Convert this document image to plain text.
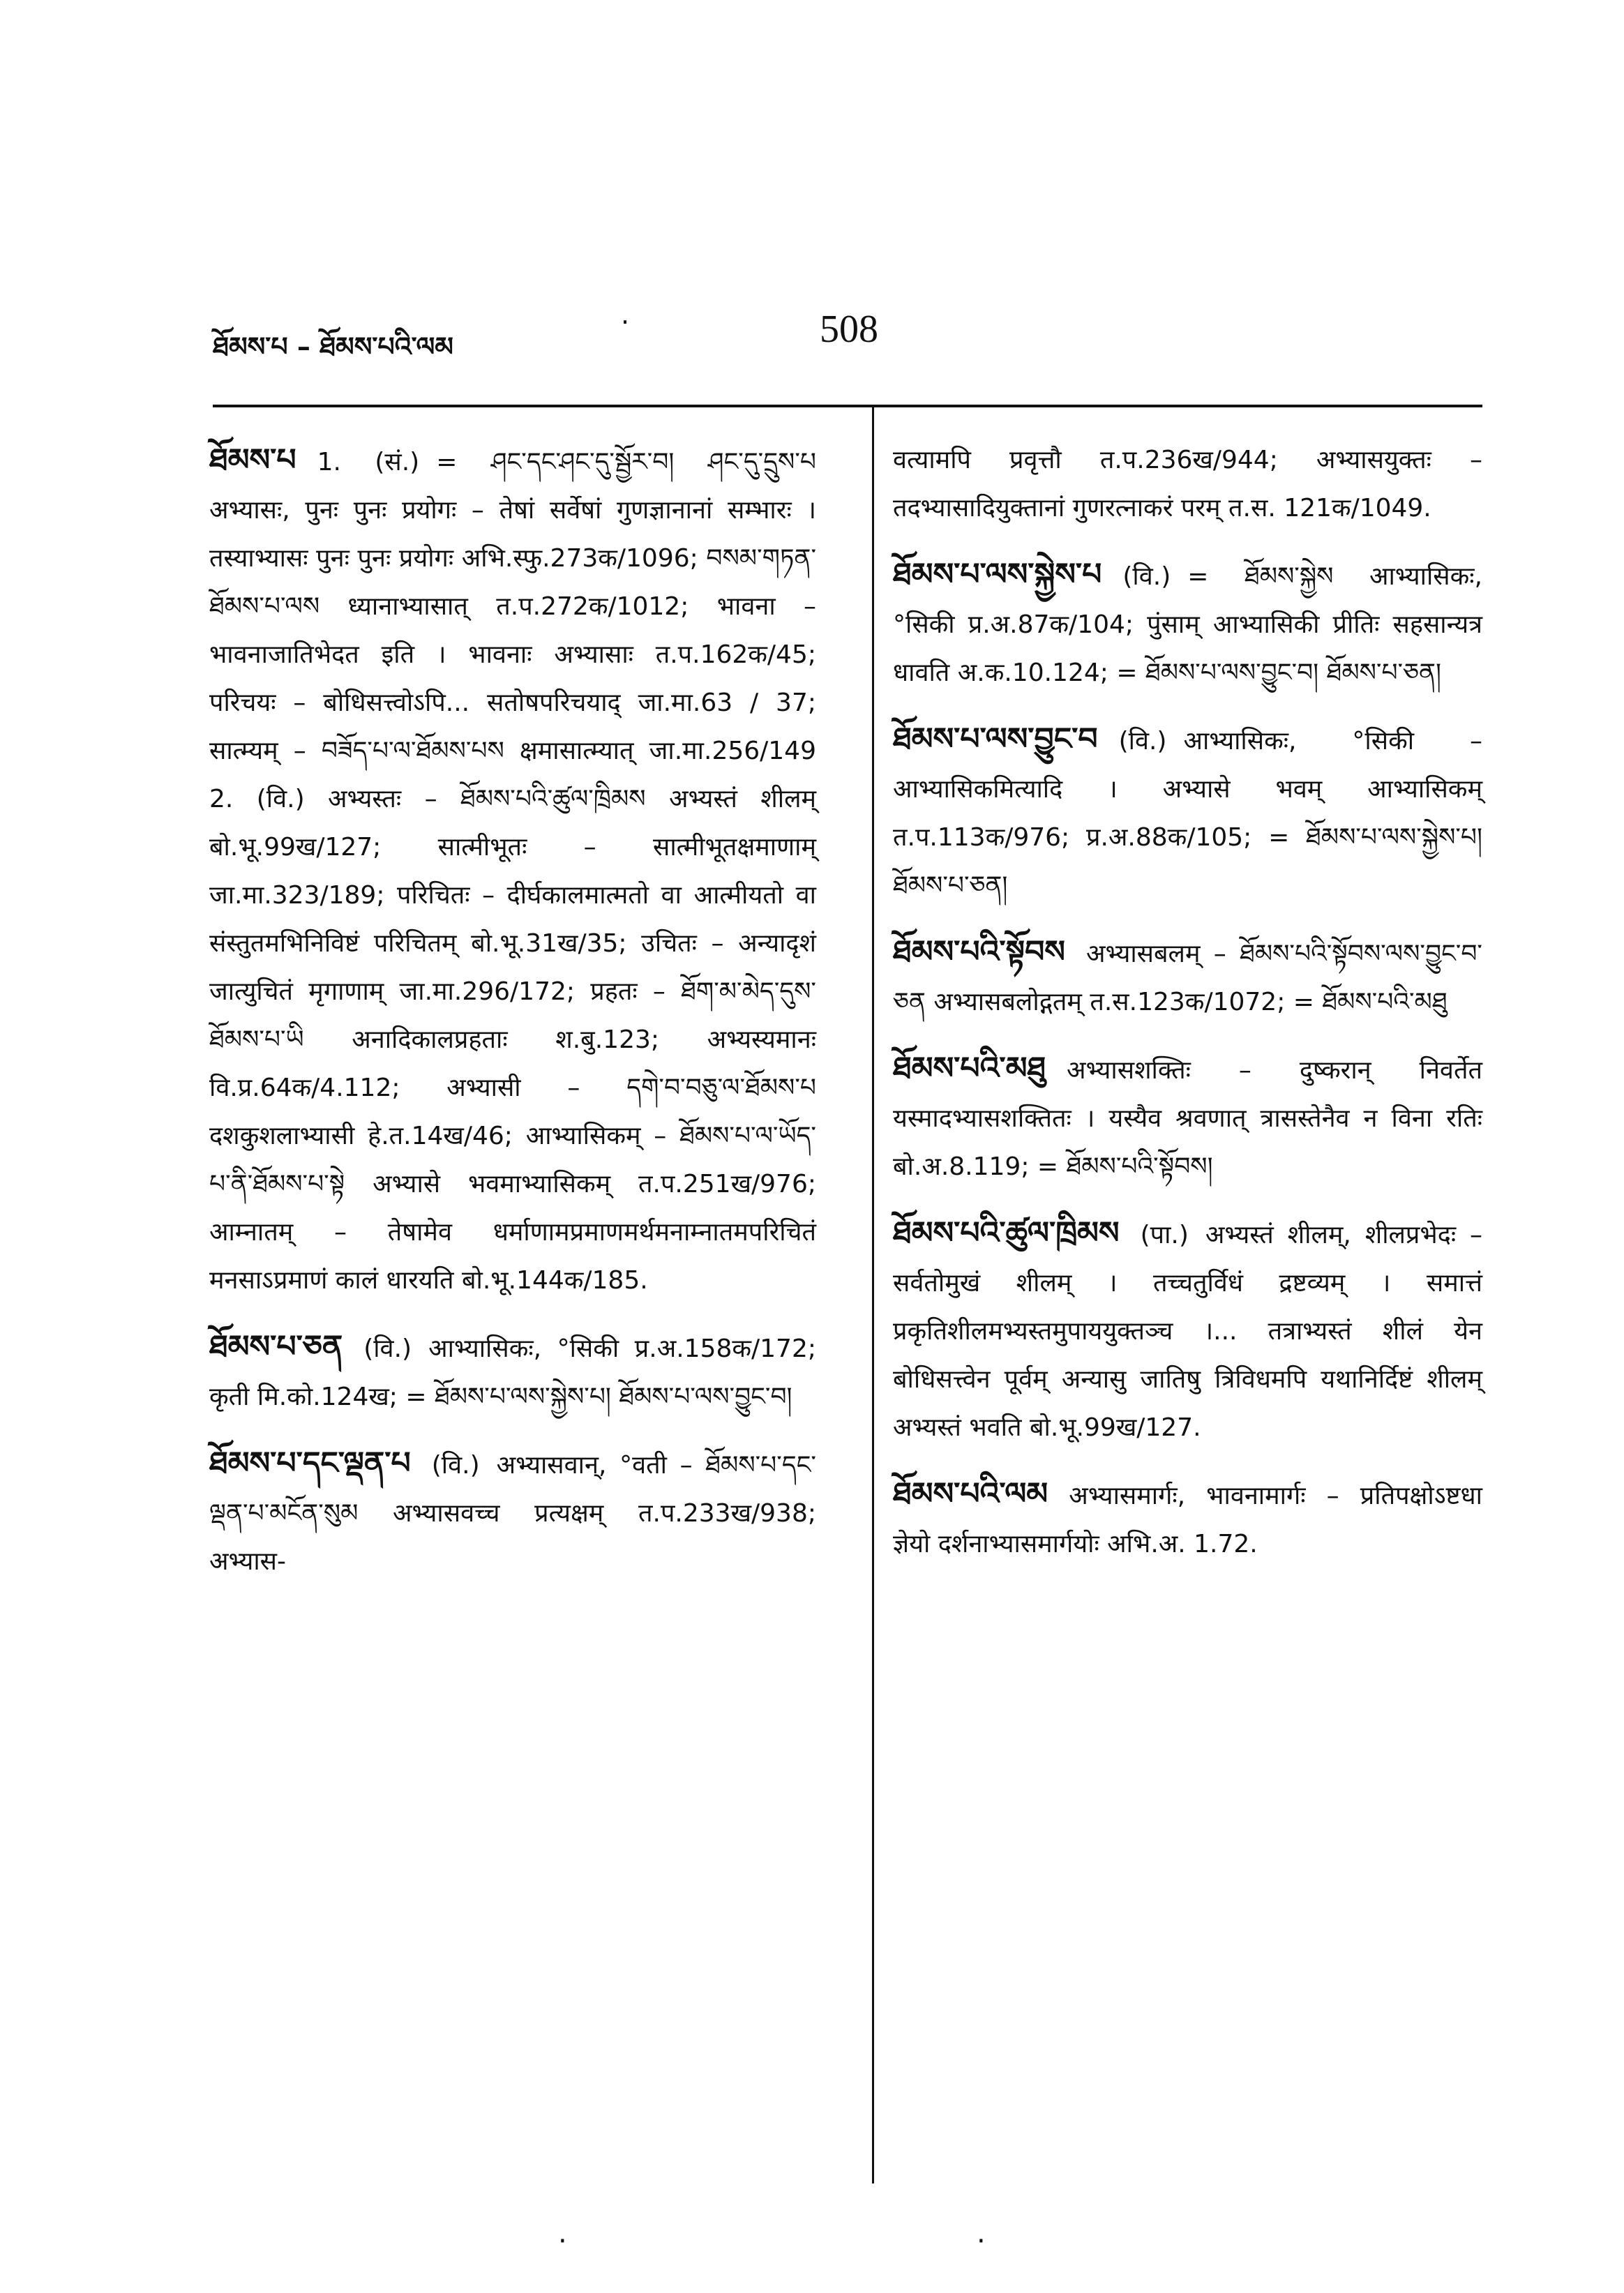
ཐོམས་པ – ཐོམས་པའི་ལམ
·	508
ཐོམས་པ 1. (सं.) = ཤང་དང་ཤང་དུ་སྦྱོར་བ། ཤང་དུ་དྲུས་པ अभ्यासः, पुनः पुनः प्रयोगः – तेषां सर्वेषां गुणज्ञानानां सम्भारः । तस्याभ्यासः पुनः पुनः प्रयोगः अभि.स्फु.273क/1096; བསམ་གཏན་ཐོམས་པ་ལས ध्यानाभ्यासात् त.प.272क/1012; भावना – भावनाजातिभेदत इति । भावनाः अभ्यासाः त.प.162क/45; परिचयः – बोधिसत्त्वोऽपि... सतोषपरिचयाद् जा.मा.63 / 37; सात्म्यम् – བཟོད་པ་ལ་ཐོམས་པས क्षमासात्म्यात् जा.मा.256/149 2. (वि.) अभ्यस्तः – ཐོམས་པའི་ཚུལ་ཁྲིམས अभ्यस्तं शीलम् बो.भू.99ख/127; सात्मीभूतः – सात्मीभूतक्षमाणाम् जा.मा.323/189; परिचितः – दीर्घकालमात्मतो वा आत्मीयतो वा संस्तुतमभिनिविष्टं परिचितम् बो.भू.31ख/35; उचितः – अन्यादृशं जात्युचितं मृगाणाम् जा.मा.296/172; प्रहतः – ཐོག་མ་མེད་དུས་ཐོམས་པ་ཡི अनादिकालप्रहताः श.बु.123; अभ्यस्यमानः वि.प्र.64क/4.112; अभ्यासी – དགེ་བ་བཅུ་ལ་ཐོམས་པ दशकुशलाभ्यासी हे.त.14ख/46; आभ्यासिकम् – ཐོམས་པ་ལ་ཡོད་པ་ནི་ཐོམས་པ་སྟེ अभ्यासे भवमाभ्यासिकम् त.प.251ख/976; आम्नातम् – तेषामेव धर्माणामप्रमाणमर्थमनाम्नातमपरिचितं मनसाऽप्रमाणं कालं धारयति बो.भू.144क/185.
ཐོམས་པ་ཅན (वि.) आभ्यासिकः, °सिकी प्र.अ.158क/172; कृती मि.को.124ख; = ཐོམས་པ་ལས་སྐྱེས་པ། ཐོམས་པ་ལས་བྱུང་བ།
ཐོམས་པ་དང་ལྡན་པ (वि.) अभ्यासवान्, °वती – ཐོམས་པ་དང་ལྡན་པ་མངོན་སུམ अभ्यासवच्च प्रत्यक्षम् त.प.233ख/938; अभ्यास-
वत्यामपि प्रवृत्तौ त.प.236ख/944; अभ्यासयुक्तः – तदभ्यासादियुक्तानां गुणरत्नाकरं परम् त.स. 121क/1049.
ཐོམས་པ་ལས་སྐྱེས་པ (वि.) = ཐོམས་སྐྱེས आभ्यासिकः, °सिकी प्र.अ.87क/104; पुंसाम् आभ्यासिकी प्रीतिः सहसान्यत्र धावति अ.क.10.124; = ཐོམས་པ་ལས་བྱུང་བ། ཐོམས་པ་ཅན།
ཐོམས་པ་ལས་བྱུང་བ (वि.) आभ्यासिकः, °सिकी – आभ्यासिकमित्यादि । अभ्यासे भवम् आभ्यासिकम् त.प.113क/976; प्र.अ.88क/105; = ཐོམས་པ་ལས་སྐྱེས་པ། ཐོམས་པ་ཅན།
ཐོམས་པའི་སྟོབས अभ्यासबलम् – ཐོམས་པའི་སྟོབས་ལས་བྱུང་བ་ཅན अभ्यासबलोद्गतम् त.स.123क/1072; = ཐོམས་པའི་མཐུ
ཐོམས་པའི་མཐུ अभ्यासशक्तिः – दुष्करान् निवर्तेत यस्मादभ्यासशक्तितः । यस्यैव श्रवणात् त्रासस्तेनैव न विना रतिः बो.अ.8.119; = ཐོམས་པའི་སྟོབས།
ཐོམས་པའི་ཚུལ་ཁྲིམས (पा.) अभ्यस्तं शीलम्, शीलप्रभेदः – सर्वतोमुखं शीलम् । तच्चतुर्विधं द्रष्टव्यम् । समात्तं प्रकृतिशीलमभ्यस्तमुपाययुक्तञ्च ।... तत्राभ्यस्तं शीलं येन बोधिसत्त्वेन पूर्वम् अन्यासु जातिषु त्रिविधमपि यथानिर्दिष्टं शीलम् अभ्यस्तं भवति बो.भू.99ख/127.
ཐོམས་པའི་ལམ अभ्यासमार्गः, भावनामार्गः – प्रतिपक्षोऽष्टधा ज्ञेयो दर्शनाभ्यासमार्गयोः अभि.अ. 1.72.
·	·
